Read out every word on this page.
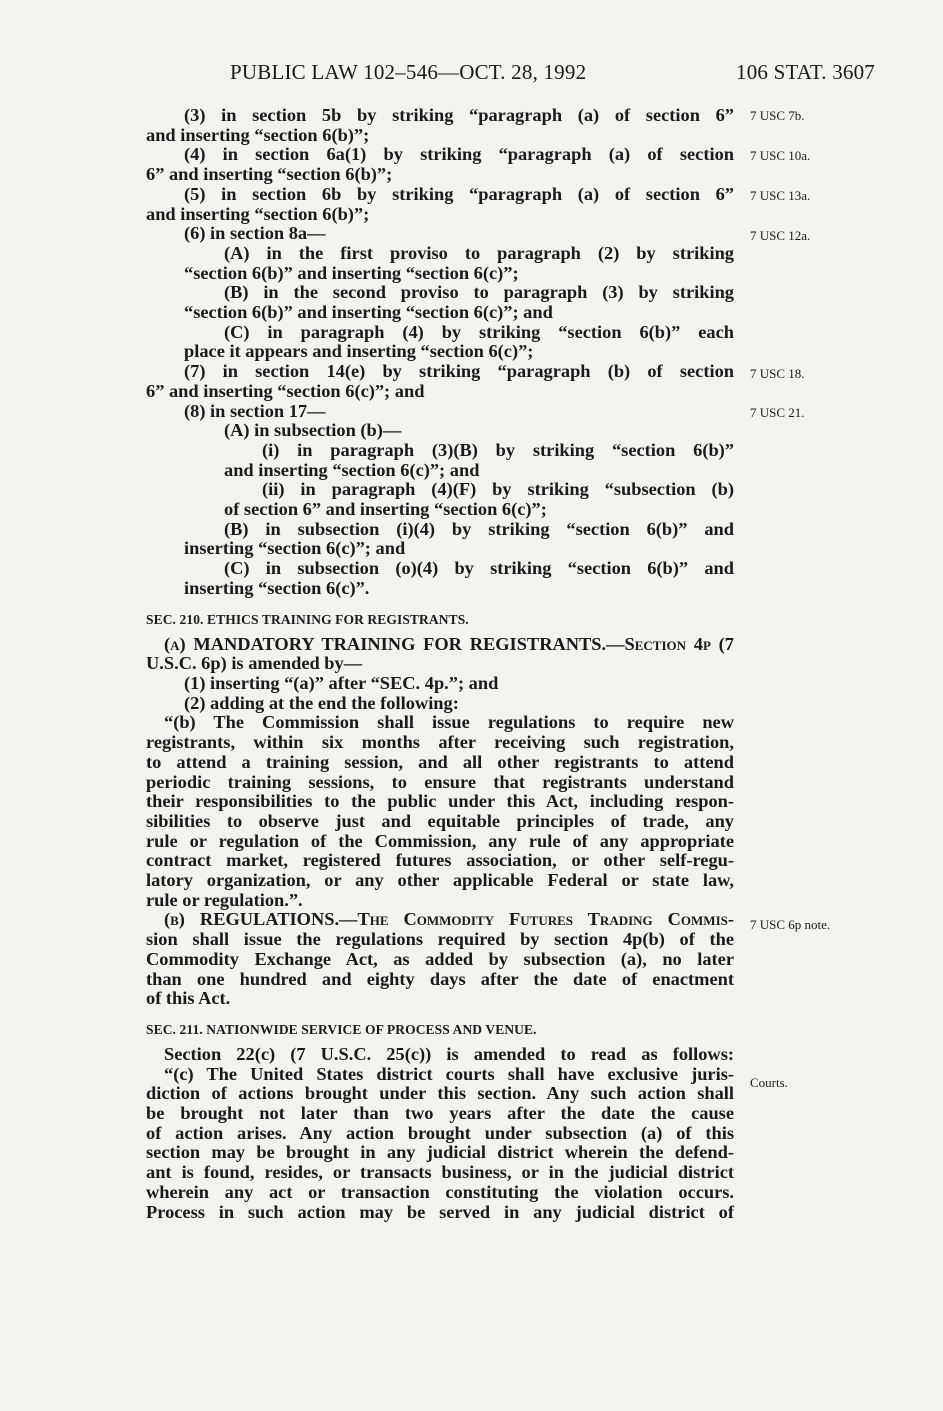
PUBLIC LAW 102–546—OCT. 28, 1992	106 STAT. 3607
(3) in section 5b by striking “paragraph (a) of section 6”
and inserting “section 6(b)”;
(4) in section 6a(1) by striking “paragraph (a) of section
6” and inserting “section 6(b)”;
(5) in section 6b by striking “paragraph (a) of section 6”
and inserting “section 6(b)”;
(6) in section 8a—
(A) in the first proviso to paragraph (2) by striking
“section 6(b)” and inserting “section 6(c)”;
(B) in the second proviso to paragraph (3) by striking
“section 6(b)” and inserting “section 6(c)”; and
(C) in paragraph (4) by striking “section 6(b)” each
place it appears and inserting “section 6(c)”;
(7) in section 14(e) by striking “paragraph (b) of section
6” and inserting “section 6(c)”; and
(8) in section 17—
(A) in subsection (b)—
(i) in paragraph (3)(B) by striking “section 6(b)”
and inserting “section 6(c)”; and
(ii) in paragraph (4)(F) by striking “subsection (b)
of section 6” and inserting “section 6(c)”;
(B) in subsection (i)(4) by striking “section 6(b)” and
inserting “section 6(c)”; and
(C) in subsection (o)(4) by striking “section 6(b)” and
inserting “section 6(c)”.
SEC. 210. ETHICS TRAINING FOR REGISTRANTS.
(a) MANDATORY TRAINING FOR REGISTRANTS.—Section 4p (7
U.S.C. 6p) is amended by—
(1) inserting “(a)” after “SEC. 4p.”; and
(2) adding at the end the following:
“(b) The Commission shall issue regulations to require new
registrants, within six months after receiving such registration,
to attend a training session, and all other registrants to attend
periodic training sessions, to ensure that registrants understand
their responsibilities to the public under this Act, including respon-
sibilities to observe just and equitable principles of trade, any
rule or regulation of the Commission, any rule of any appropriate
contract market, registered futures association, or other self-regu-
latory organization, or any other applicable Federal or state law,
rule or regulation.”.
(b) REGULATIONS.—The Commodity Futures Trading Commis-
sion shall issue the regulations required by section 4p(b) of the
Commodity Exchange Act, as added by subsection (a), no later
than one hundred and eighty days after the date of enactment
of this Act.
SEC. 211. NATIONWIDE SERVICE OF PROCESS AND VENUE.
Section 22(c) (7 U.S.C. 25(c)) is amended to read as follows:
“(c) The United States district courts shall have exclusive juris-
diction of actions brought under this section. Any such action shall
be brought not later than two years after the date the cause
of action arises. Any action brought under subsection (a) of this
section may be brought in any judicial district wherein the defend-
ant is found, resides, or transacts business, or in the judicial district
wherein any act or transaction constituting the violation occurs.
Process in such action may be served in any judicial district of
7 USC 7b.
7 USC 10a.
7 USC 13a.
7 USC 12a.
7 USC 18.
7 USC 21.
7 USC 6p note.
Courts.
